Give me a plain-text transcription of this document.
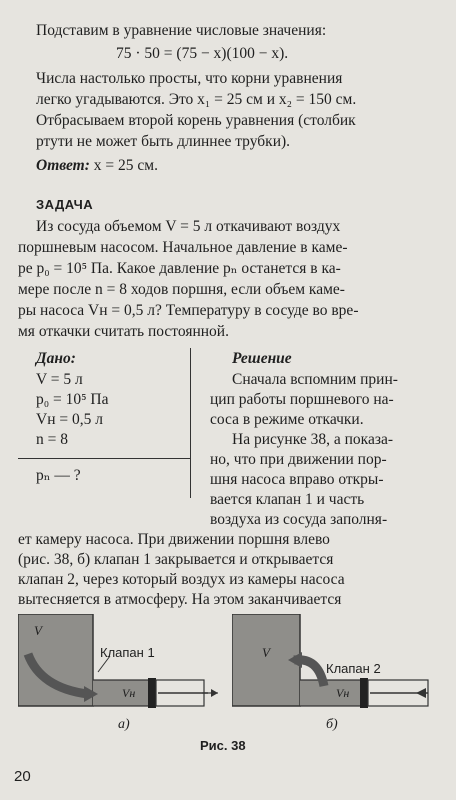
Подставим в уравнение числовые значения:
75 · 50 = (75 − x)(100 − x).
Числа настолько просты, что корни уравнения
легко угадываются. Это x₁ = 25 см и x₂ = 150 см.
Отбрасываем второй корень уравнения (столбик
ртути не может быть длиннее трубки).
Ответ: x = 25 см.
ЗАДАЧА
Из сосуда объемом V = 5 л откачивают воздух
поршневым насосом. Начальное давление в каме-
ре p₀ = 10⁵ Па. Какое давление pₙ останется в ка-
мере после n = 8 ходов поршня, если объем каме-
ры насоса Vн = 0,5 л? Температуру в сосуде во вре-
мя откачки считать постоянной.
Дано:
V = 5 л
p₀ = 10⁵ Па
Vн = 0,5 л
n = 8
pₙ — ?
Решение
Сначала вспомним прин-
цип работы поршневого на-
соса в режиме откачки.
На рисунке 38, а показа-
но, что при движении пор-
шня насоса вправо откры-
вается клапан 1 и часть
воздуха из сосуда заполня-
ет камеру насоса. При движении поршня влево
(рис. 38, б) клапан 1 закрывается и открывается
клапан 2, через который воздух из камеры насоса
вытесняется в атмосферу. На этом заканчивается
V
Клапан 1
Vн
а)
V
Клапан 2
Vн
б)
Рис. 38
20
